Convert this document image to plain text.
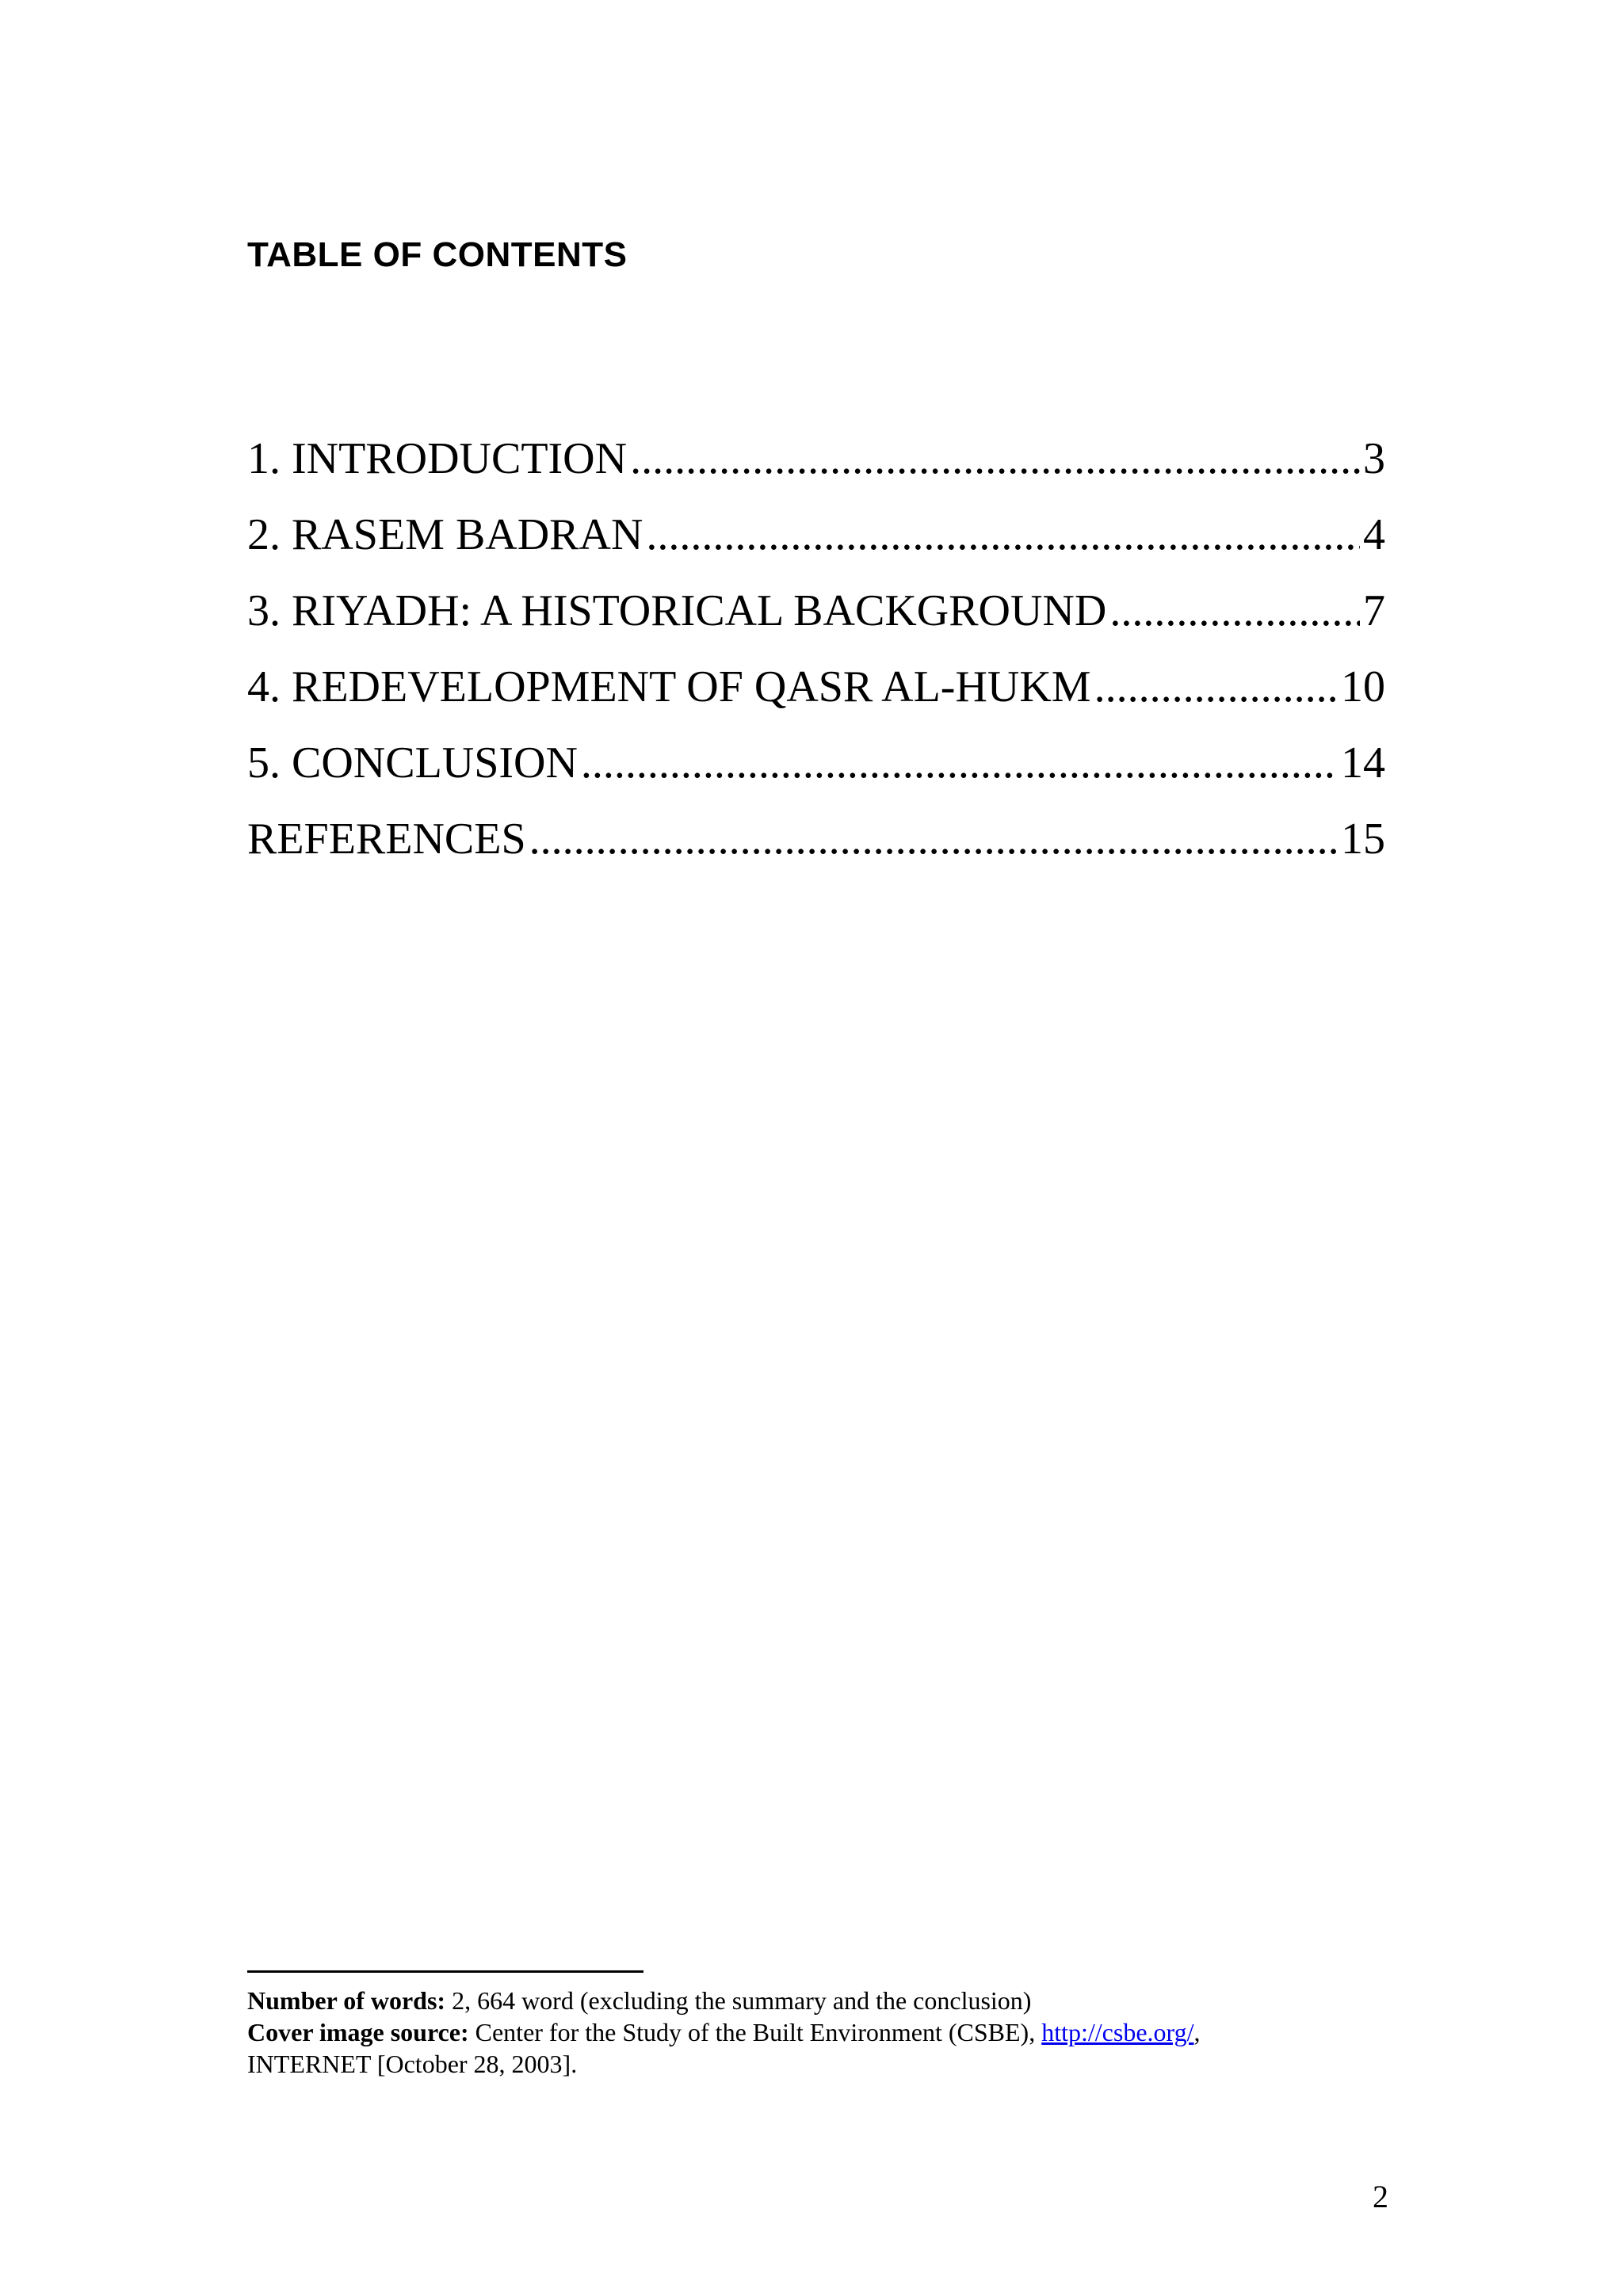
TABLE OF CONTENTS
1. INTRODUCTION .....	3
2. RASEM BADRAN .....	4
3. RIYADH: A HISTORICAL BACKGROUND .....	7
4. REDEVELOPMENT OF QASR AL-HUKM .....	10
5. CONCLUSION .....	14
REFERENCES .....	15

Number of words: 2, 664 word (excluding the summary and the conclusion)

Cover image source: Center for the Study of the Built Environment (CSBE), http://csbe.org/,
INTERNET [October 28, 2003].

2
